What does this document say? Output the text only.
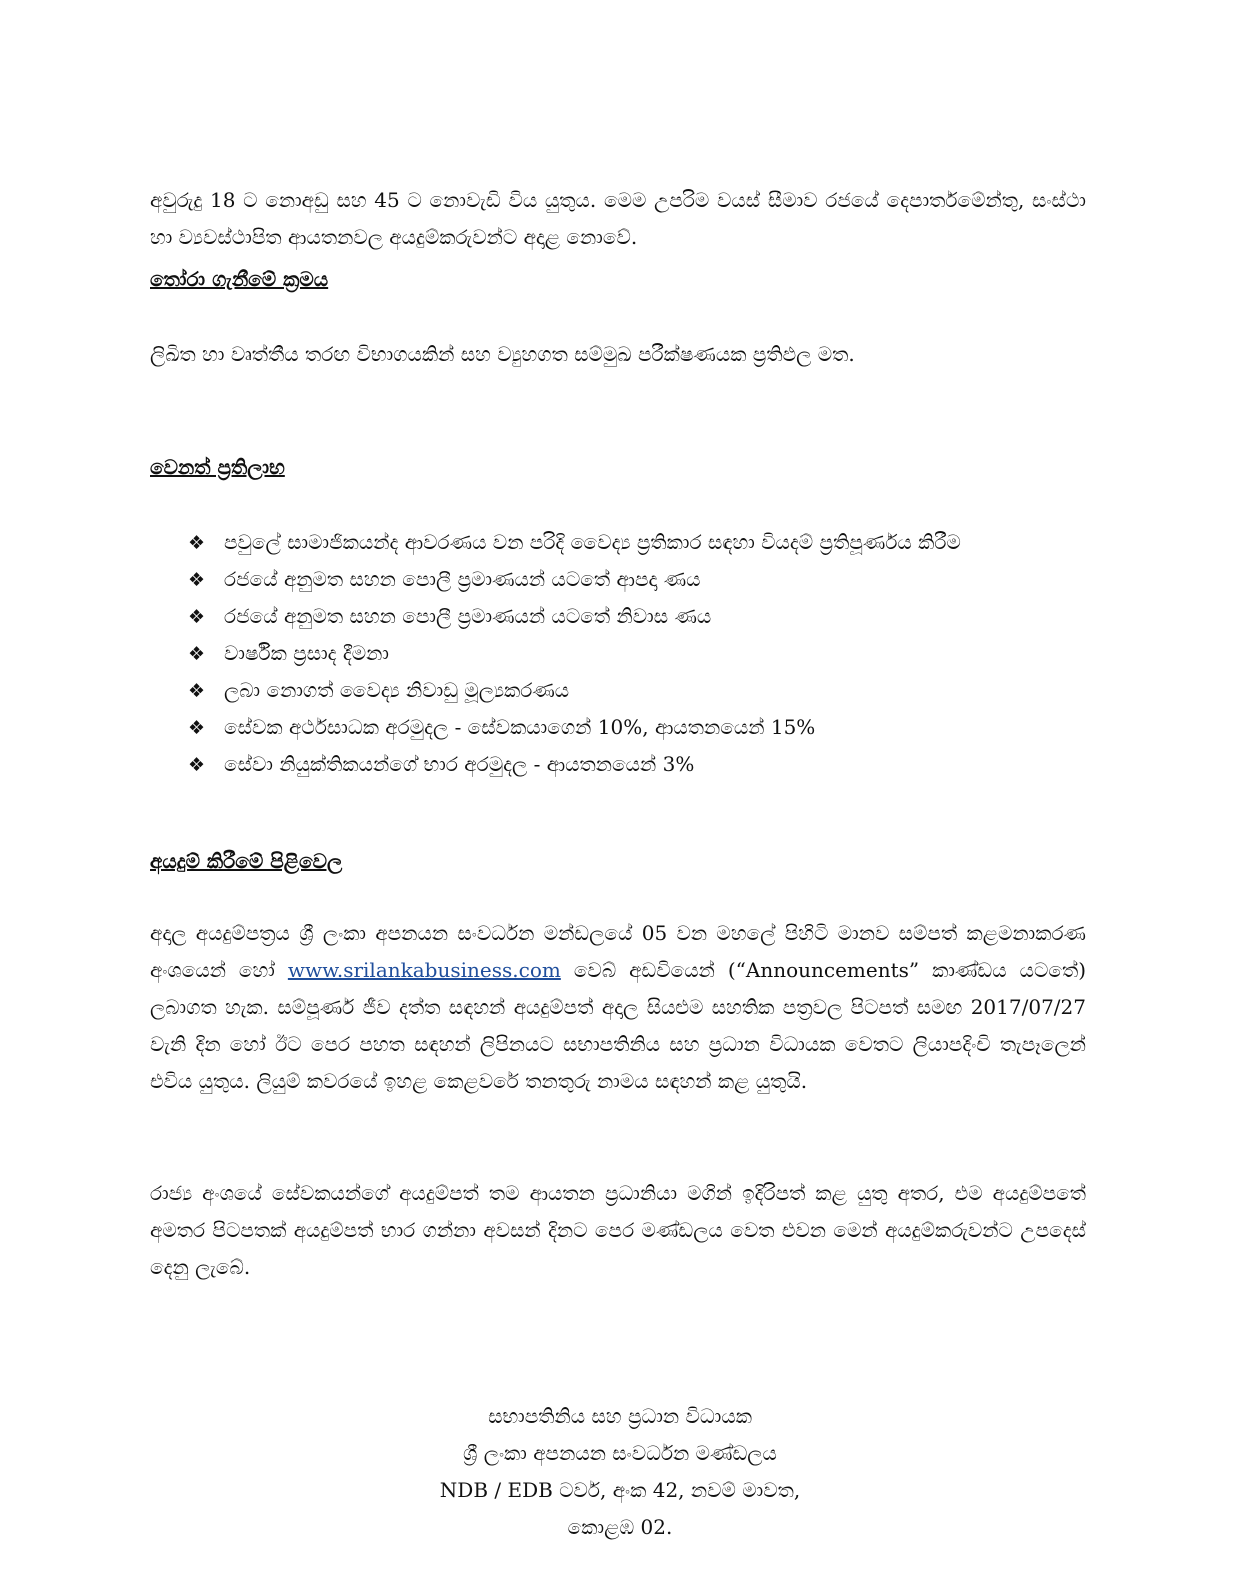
අවුරුදු 18 ට නොඅඩු සහ 45 ට නොවැඩි විය යුතුය. මෙම උපරිම වයස් සීමාව රජයේ දෙපාර්තමේන්තු, සංස්ථා හා ව්‍යවස්ථාපිත ආයතනවල අයදුම්කරුවන්ට අදාළ නොවේ.

තෝරා ගැනීමේ ක්‍රමය

ලිඛිත හා වෘත්තීය තරඟ විභාගයකින් සහ ව්‍යුහගත සම්මුඛ පරීක්ෂණයක ප්‍රතිඵල මත.

වෙනත් ප්‍රතිලාභ
❖ පවුලේ සාමාජිකයන්ද ආවරණය වන පරිදි වෛද්‍ය ප්‍රතිකාර සඳහා වියදම් ප්‍රතිපූර්ණය කිරීම
❖ රජයේ අනුමත සහන පොලී ප්‍රමාණයන් යටතේ ආපදා ණය
❖ රජයේ අනුමත සහන පොලී ප්‍රමාණයන් යටතේ නිවාස ණය
❖ වාර්ෂික ප්‍රසාද දීමනා
❖ ලබා නොගත් වෛද්‍ය නිවාඩු මූල්‍යකරණය
❖ සේවක අර්ථසාධක අරමුදල - සේවකයාගෙන් 10%, ආයතනයෙන් 15%
❖ සේවා නියුක්තිකයන්ගේ භාර අරමුදල - ආයතනයෙන් 3%
අයදුම් කිරීමේ පිළිවෙල

අදාල අයදුම්පත්‍රය ශ්‍රී ලංකා අපනයන සංවර්ධන මන්ඩලයේ 05 වන මහලේ පිහිටි මානව සම්පත් කළමනාකරණ අංශයෙන් හෝ www.srilankabusiness.com වෙබ් අඩවියෙන් (“Announcements” කාණ්ඩය යටතේ) ලබාගත හැක. සම්පූර්ණ ජීව දත්ත සඳහන් අයදුම්පත් අදාල සියළුම සහතික පත්‍රවල පිටපත් සමඟ 2017/07/27 වැනි දින හෝ ඊට පෙර පහත සඳහන් ලිපිනයට සභාපතිනිය සහ ප්‍රධාන විධායක වෙතට ලියාපදිංචි තැපෑලෙන් එවිය යුතුය. ලියුම් කවරයේ ඉහළ කෙළවරේ තනතුරු නාමය සඳහන් කළ යුතුයි.

රාජ්‍ය අංශයේ සේවකයන්ගේ අයදුම්පත් තම ආයතන ප්‍රධානියා මගින් ඉදිරිපත් කළ යුතු අතර, එම අයදුම්පතේ අමතර පිටපතක් අයදුම්පත් භාර ගන්නා අවසන් දිනට පෙර මණ්ඩලය වෙත එවන මෙන් අයදුම්කරුවන්ට උපදෙස් දෙනු ලැබේ.

සභාපතිනිය සහ ප්‍රධාන විධායක

ශ්‍රී ලංකා අපනයන සංවර්ධන මණ්ඩලය

NDB / EDB ටවර්, අංක 42, නවම් මාවත,

කොළඹ 02.
